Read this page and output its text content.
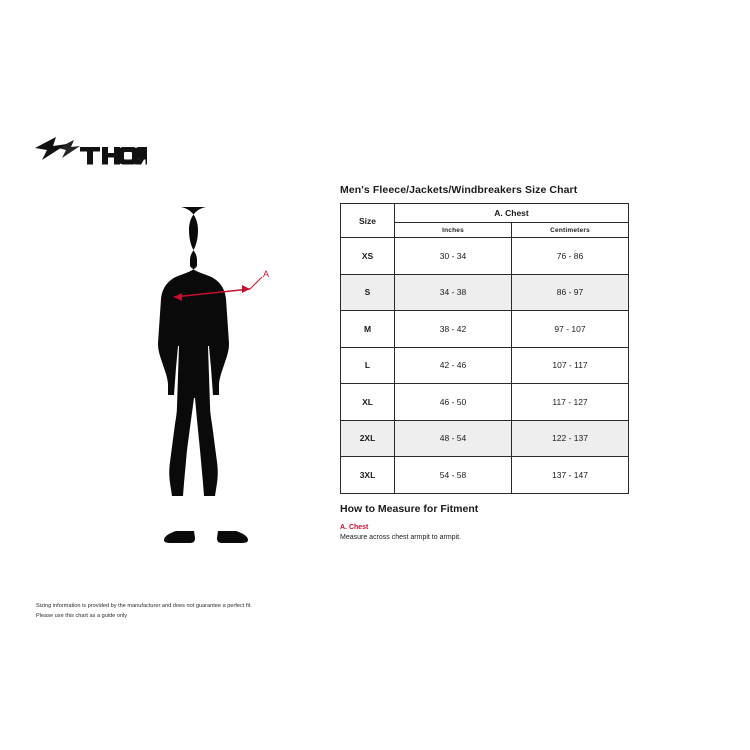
A
Men's Fleece/Jackets/Windbreakers Size Chart
Size	A. Chest	
	Inches	Centimeters
XS	30 - 34	76 - 86
S	34 - 38	86 - 97
M	38 - 42	97 - 107
L	42 - 46	107 - 117
XL	46 - 50	117 - 127
2XL	48 - 54	122 - 137
3XL	54 - 58	137 - 147
How to Measure for Fitment
A. Chest
Measure across chest armpit to armpit.
Sizing information is provided by the manufacturer and does not guarantee a perfect fit.
Please use this chart as a guide only
